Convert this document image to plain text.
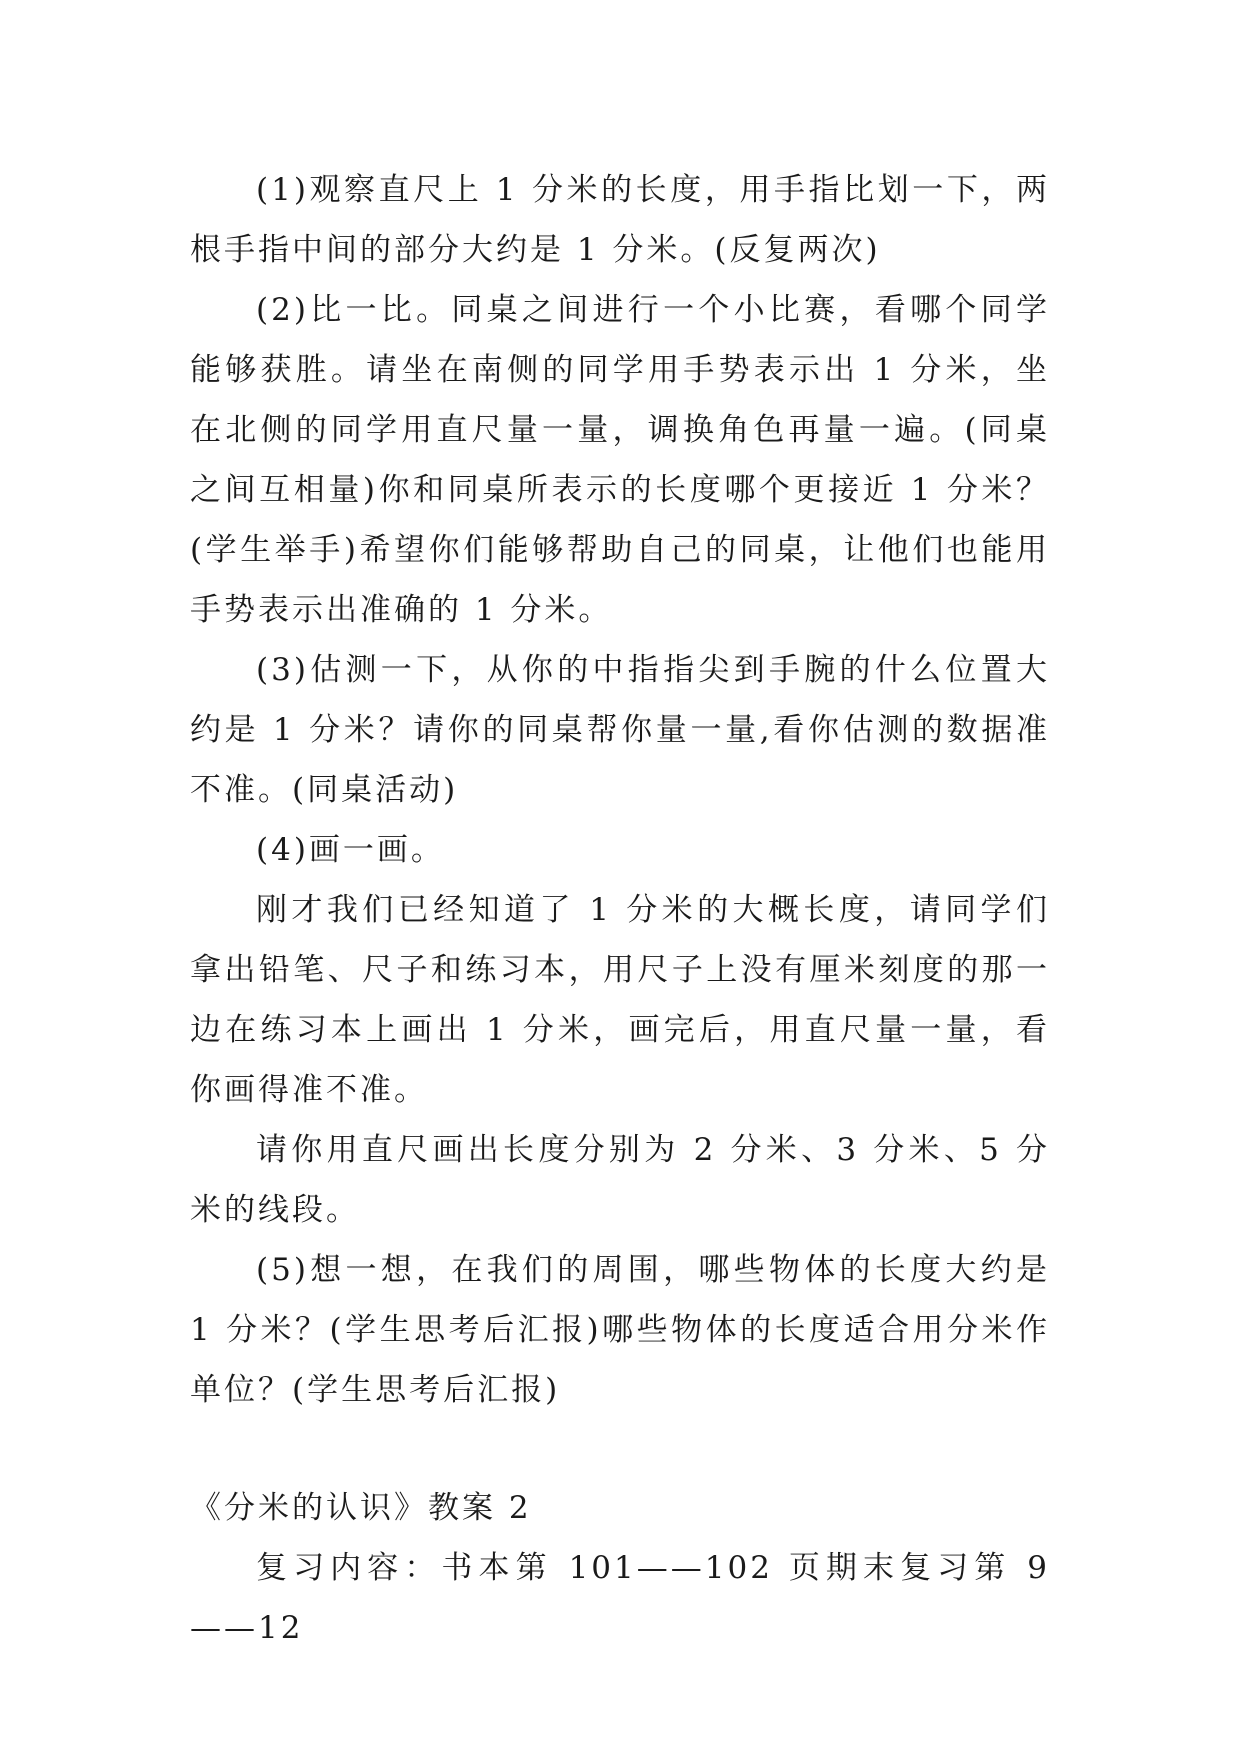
(1)观察直尺上 1 分米的长度，用手指比划一下，两根手指中间的部分大约是 1 分米。(反复两次)

(2)比一比。同桌之间进行一个小比赛，看哪个同学能够获胜。请坐在南侧的同学用手势表示出 1 分米，坐在北侧的同学用直尺量一量，调换角色再量一遍。(同桌之间互相量)你和同桌所表示的长度哪个更接近 1 分米？(学生举手)希望你们能够帮助自己的同桌，让他们也能用手势表示出准确的 1 分米。

(3)估测一下，从你的中指指尖到手腕的什么位置大约是 1 分米？请你的同桌帮你量一量,看你估测的数据准不准。(同桌活动)

(4)画一画。

刚才我们已经知道了 1 分米的大概长度，请同学们拿出铅笔、尺子和练习本，用尺子上没有厘米刻度的那一边在练习本上画出 1 分米，画完后，用直尺量一量，看你画得准不准。

请你用直尺画出长度分别为 2 分米、3 分米、5 分米的线段。

(5)想一想，在我们的周围，哪些物体的长度大约是 1 分米？(学生思考后汇报)哪些物体的长度适合用分米作单位？(学生思考后汇报)

《分米的认识》教案 2

复习内容：书本第 101——102 页期末复习第 9——12
